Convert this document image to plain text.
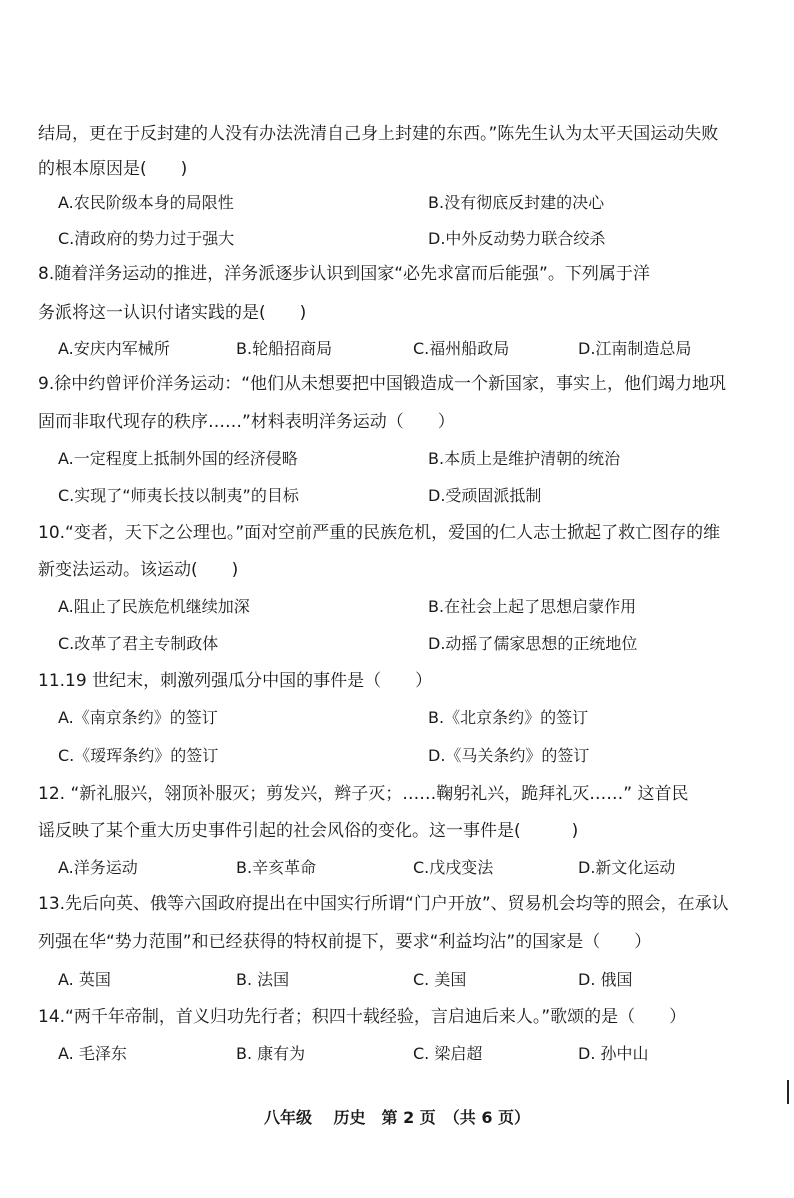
结局，更在于反封建的人没有办法洗清自己身上封建的东西。”陈先生认为太平天国运动失败
的根本原因是(　　)
A.农民阶级本身的局限性	B.没有彻底反封建的决心
C.清政府的势力过于强大	D.中外反动势力联合绞杀
8.随着洋务运动的推进，洋务派逐步认识到国家“必先求富而后能强”。下列属于洋
务派将这一认识付诸实践的是(　　)
A.安庆内军械所	B.轮船招商局	C.福州船政局	D.江南制造总局
9.徐中约曾评价洋务运动：“他们从未想要把中国锻造成一个新国家，事实上，他们竭力地巩
固而非取代现存的秩序……”材料表明洋务运动（　　）
A.一定程度上抵制外国的经济侵略	B.本质上是维护清朝的统治
C.实现了“师夷长技以制夷”的目标	D.受顽固派抵制
10.“变者，天下之公理也。”面对空前严重的民族危机，爱国的仁人志士掀起了救亡图存的维
新变法运动。该运动(　　)
A.阻止了民族危机继续加深	B.在社会上起了思想启蒙作用
C.改革了君主专制政体	D.动摇了儒家思想的正统地位
11.19 世纪末，刺激列强瓜分中国的事件是（　　）
A.《南京条约》的签订	B.《北京条约》的签订
C.《瑷珲条约》的签订	D.《马关条约》的签订
12. “新礼服兴，翎顶补服灭；剪发兴，辫子灭；……鞠躬礼兴，跪拜礼灭……” 这首民
谣反映了某个重大历史事件引起的社会风俗的变化。这一事件是(　　　)
A.洋务运动	B.辛亥革命	C.戊戌变法	D.新文化运动
13.先后向英、俄等六国政府提出在中国实行所谓“门户开放”、贸易机会均等的照会，在承认
列强在华“势力范围”和已经获得的特权前提下，要求“利益均沾”的国家是（　　）
A. 英国	B. 法国	C. 美国	D. 俄国
14.“两千年帝制，首义归功先行者；积四十载经验，言启迪后来人。”歌颂的是（　　）
A. 毛泽东	B. 康有为	C. 梁启超	D. 孙中山
八年级　 历史　第 2 页　（共 6 页）
